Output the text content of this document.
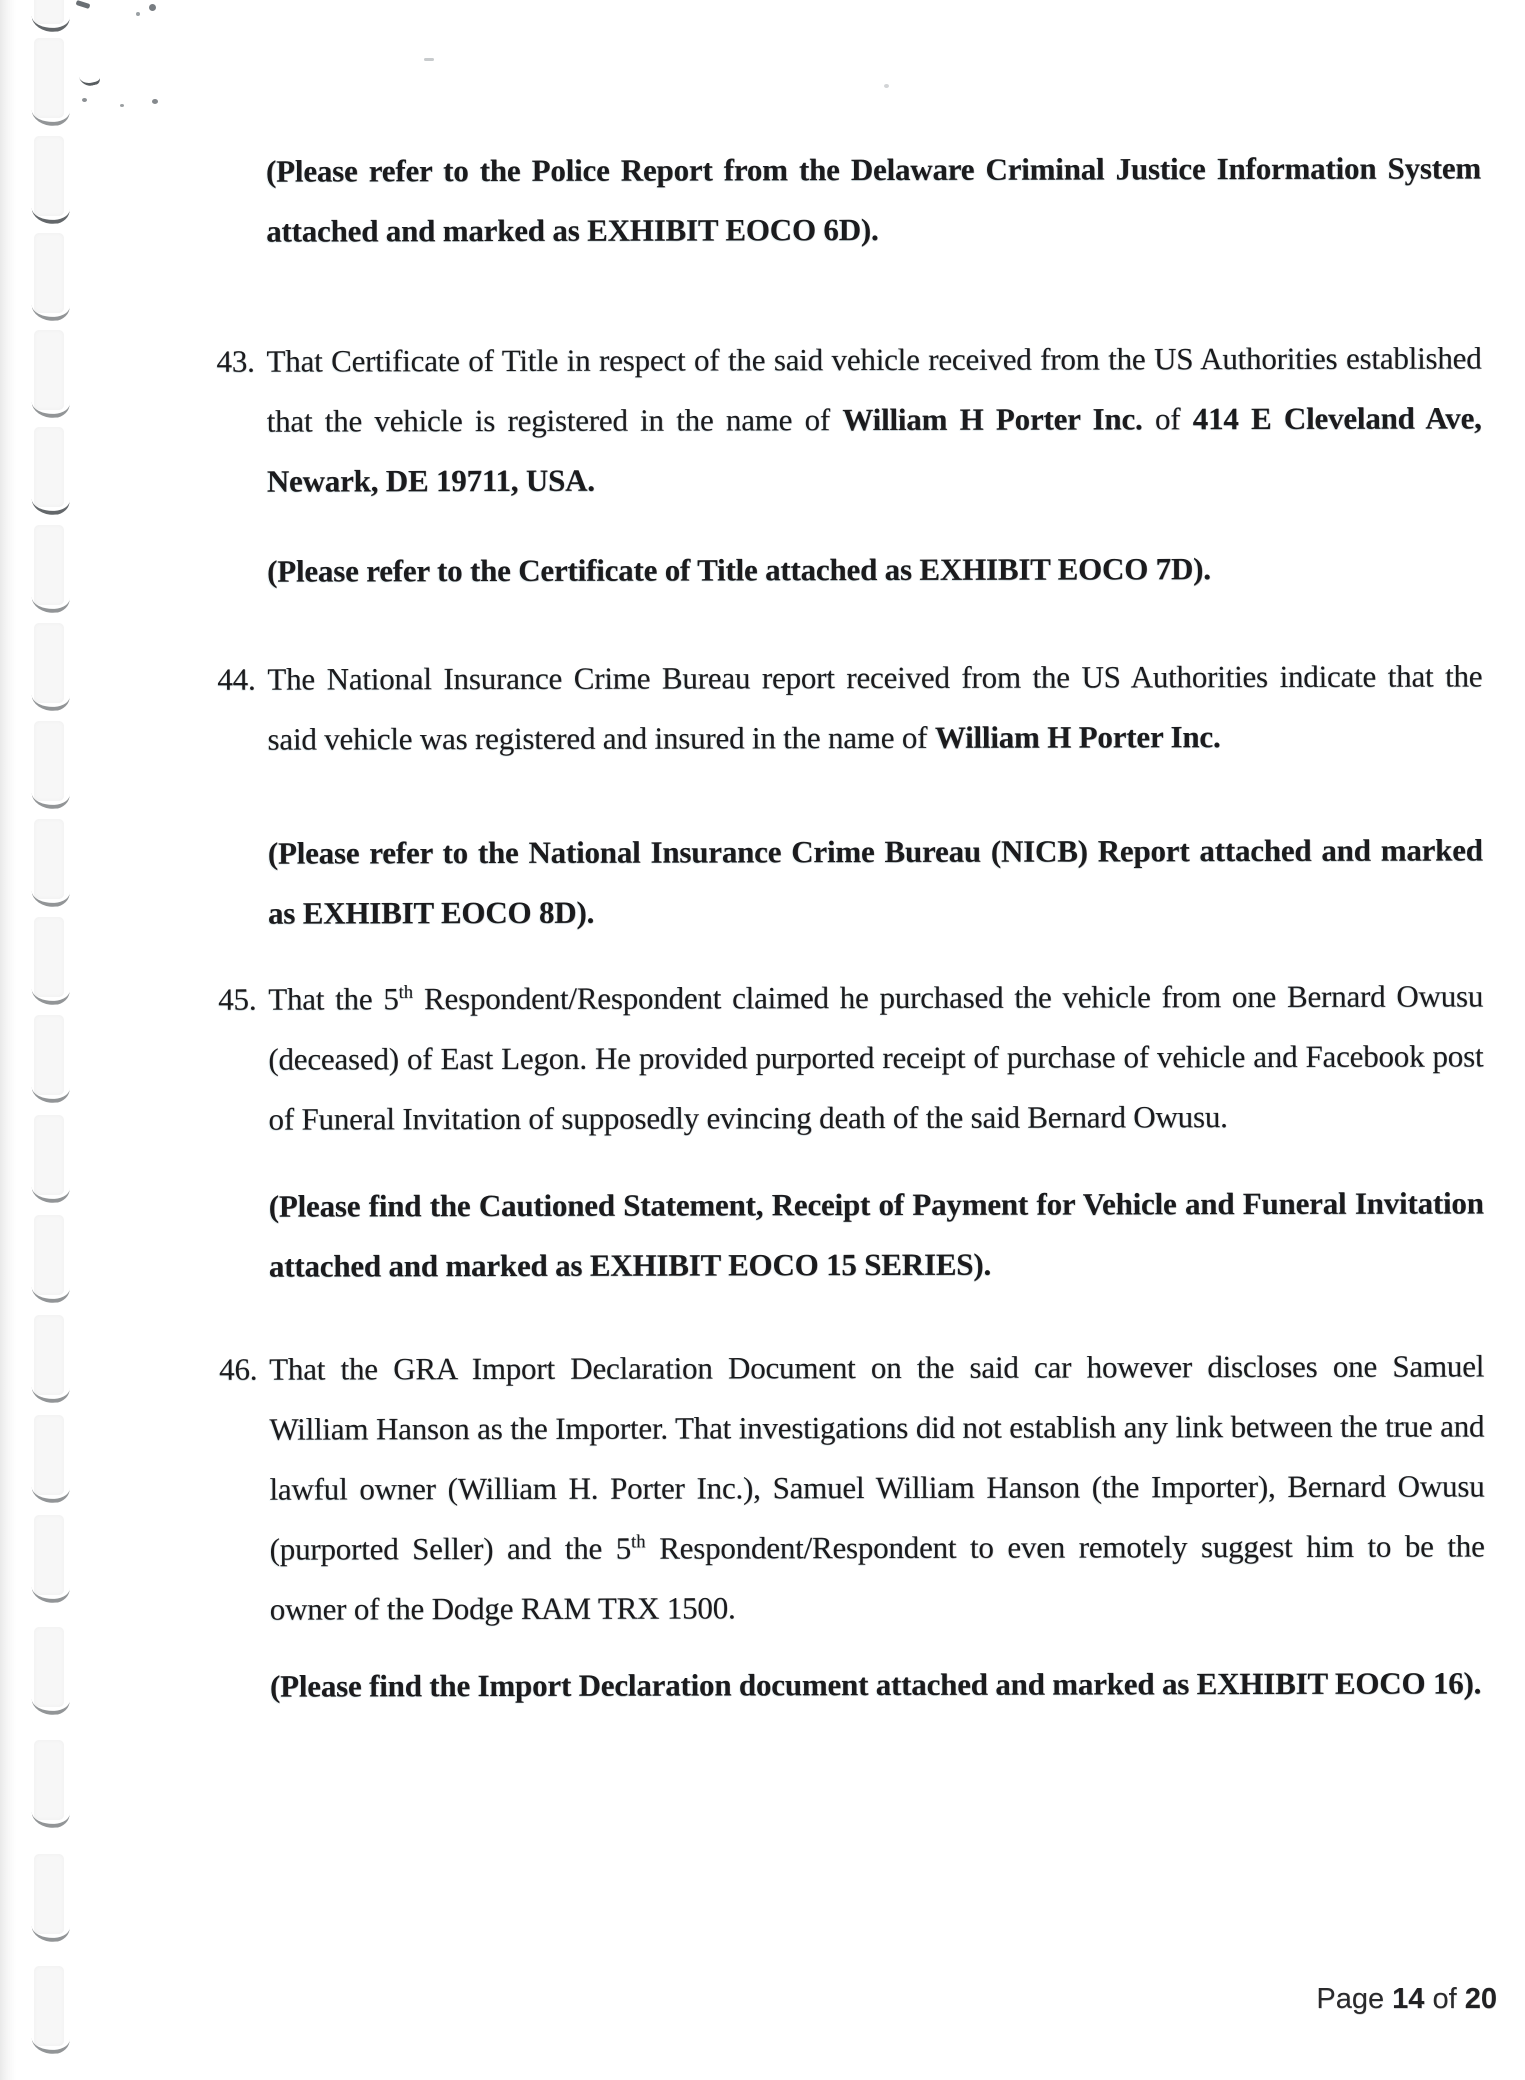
(Please refer to the Police Report from the Delaware Criminal Justice Information System attached and marked as EXHIBIT EOCO 6D).

43. That Certificate of Title in respect of the said vehicle received from the US Authorities established that the vehicle is registered in the name of William H Porter Inc. of 414 E Cleveland Ave, Newark, DE 19711, USA.

(Please refer to the Certificate of Title attached as EXHIBIT EOCO 7D).

44. The National Insurance Crime Bureau report received from the US Authorities indicate that the said vehicle was registered and insured in the name of William H Porter Inc.

(Please refer to the National Insurance Crime Bureau (NICB) Report attached and marked as EXHIBIT EOCO 8D).

45. That the 5th Respondent/Respondent claimed he purchased the vehicle from one Bernard Owusu (deceased) of East Legon. He provided purported receipt of purchase of vehicle and Facebook post of Funeral Invitation of supposedly evincing death of the said Bernard Owusu.

(Please find the Cautioned Statement, Receipt of Payment for Vehicle and Funeral Invitation attached and marked as EXHIBIT EOCO 15 SERIES).

46. That the GRA Import Declaration Document on the said car however discloses one Samuel William Hanson as the Importer. That investigations did not establish any link between the true and lawful owner (William H. Porter Inc.), Samuel William Hanson (the Importer), Bernard Owusu (purported Seller) and the 5th Respondent/Respondent to even remotely suggest him to be the owner of the Dodge RAM TRX 1500.

(Please find the Import Declaration document attached and marked as EXHIBIT EOCO 16).

Page 14 of 20
